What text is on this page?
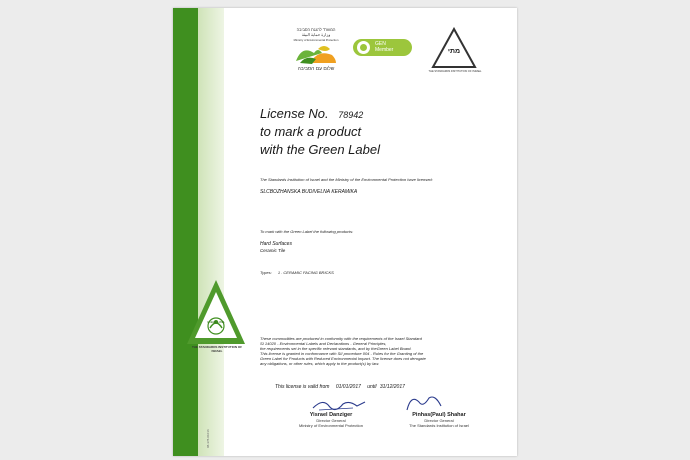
GREEN LABEL
THE STANDARDS INSTITUTION OF ISRAEL
08-378-01016
המשרד להגנת הסביבה
وزارة حماية البيئة
Ministry of Environmental Protection
שלום עם הסביבה
GEN
Member	מתי
THE STANDARDS INSTITUTION OF ISRAEL
License No. 78942
to mark a product
with the Green Label
The Standards Institution of Israel and the Ministry of the Environmental Protection have licensed:
SLCBOZHANSKA BUDIVELNA KERAMIKA
To mark with the Green Label the following products:
Hard Surfaces
Ceramic Tile
Types: 1 . CERAMIC FACING BRICKS
These commodities are produced in conformity with the requirements of the Israel Standard
SI 14020 - Environmental Labels and Declarations - General Principles,
the requirements set in the specific relevant standards, and by theGreen Label Board.
This license is granted in conformance with SII procedure 004 - Rules for the Granting of the
Green Label for Products with Reduced Environmental Impact. The license does not derogate
any obligations, or other rules, which apply to the product(s) by law.
This license is valid from 01/01/2017 until 31/12/2017
Yisrael Danziger
Director General
Ministry of Environmental Protection
Pinhas(Paul) Shahar
Director General
The Standards Institution of Israel
